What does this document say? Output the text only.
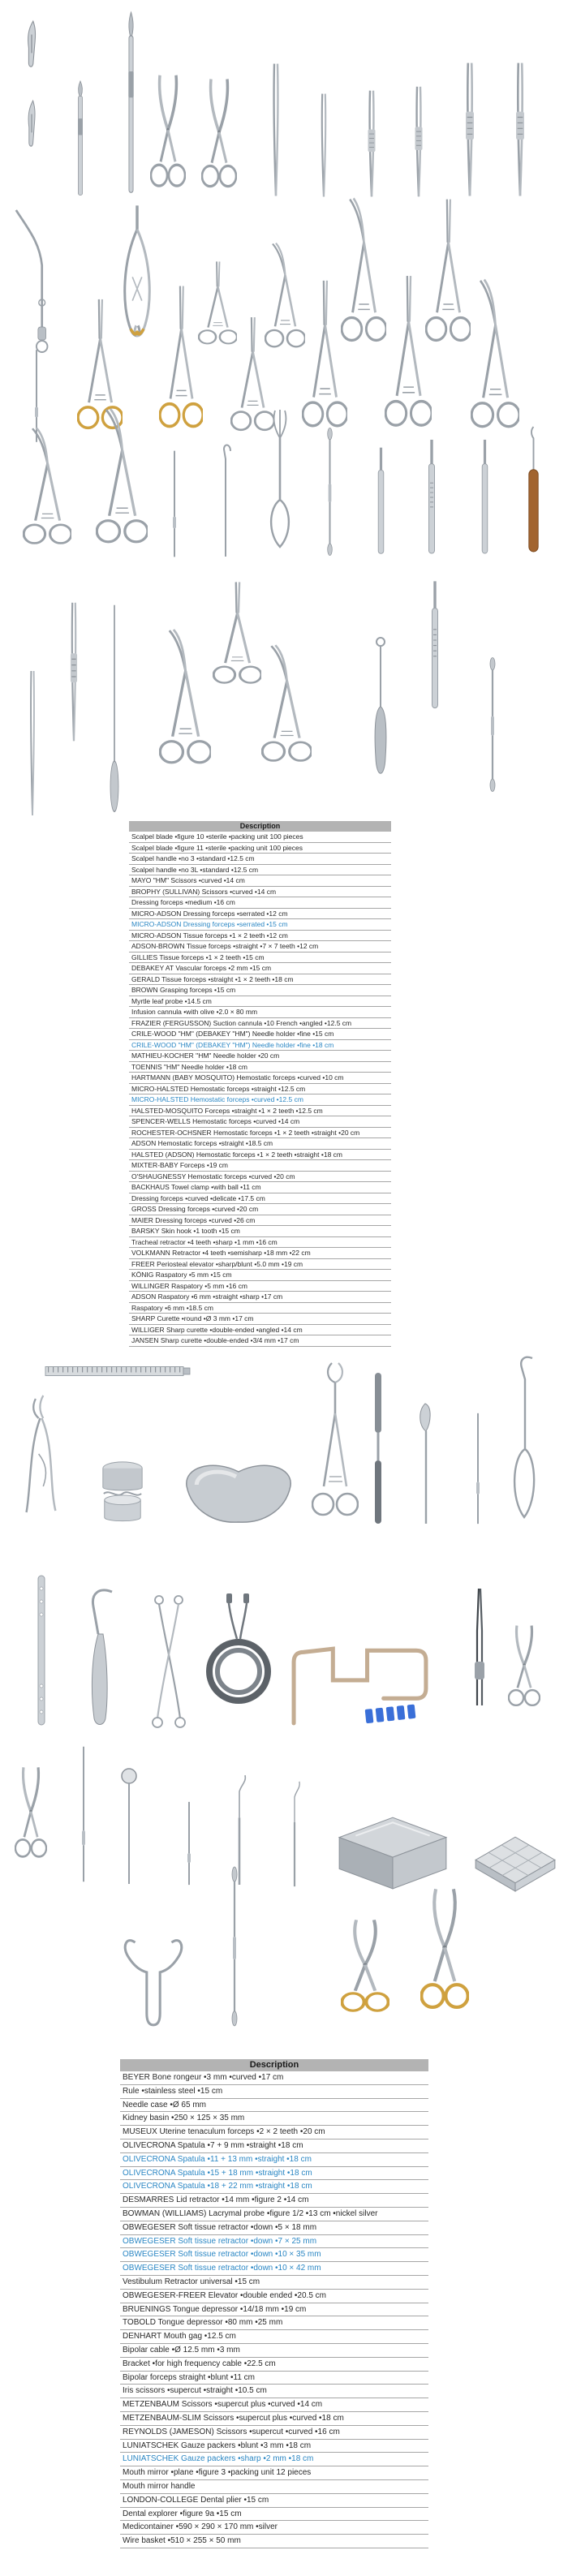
Description
Scalpel blade •figure 10 •sterile •packing unit 100 pieces
Scalpel blade •figure 11 •sterile •packing unit 100 pieces
Scalpel handle •no 3 •standard •12.5 cm
Scalpel handle •no 3L •standard •12.5 cm
MAYO "HM" Scissors •curved •14 cm
BROPHY (SULLIVAN) Scissors •curved •14 cm
Dressing forceps •medium •16 cm
MICRO-ADSON Dressing forceps •serrated •12 cm
MICRO-ADSON Dressing forceps •serrated •15 cm
MICRO-ADSON Tissue forceps •1 × 2 teeth •12 cm
ADSON-BROWN Tissue forceps •straight •7 × 7 teeth •12 cm
GILLIES Tissue forceps •1 × 2 teeth •15 cm
DEBAKEY AT Vascular forceps •2 mm •15 cm
GERALD Tissue forceps •straight •1 × 2 teeth •18 cm
BROWN Grasping forceps •15 cm
Myrtle leaf probe •14.5 cm
Infusion cannula •with olive •2.0 × 80 mm
FRAZIER (FERGUSSON) Suction cannula •10 French •angled •12.5 cm
CRILE-WOOD "HM" (DEBAKEY "HM") Needle holder •fine •15 cm
CRILE-WOOD "HM" (DEBAKEY "HM") Needle holder •fine •18 cm
MATHIEU-KOCHER "HM" Needle holder •20 cm
TOENNIS "HM" Needle holder •18 cm
HARTMANN (BABY MOSQUITO) Hemostatic forceps •curved •10 cm
MICRO-HALSTED Hemostatic forceps •straight •12.5 cm
MICRO-HALSTED Hemostatic forceps •curved •12.5 cm
HALSTED-MOSQUITO Forceps •straight •1 × 2 teeth •12.5 cm
SPENCER-WELLS Hemostatic forceps •curved •14 cm
ROCHESTER-OCHSNER Hemostatic forceps •1 × 2 teeth •straight •20 cm
ADSON Hemostatic forceps •straight •18.5 cm
HALSTED (ADSON) Hemostatic forceps •1 × 2 teeth •straight •18 cm
MIXTER-BABY Forceps •19 cm
O'SHAUGNESSY Hemostatic forceps •curved •20 cm
BACKHAUS Towel clamp •with ball •11 cm
Dressing forceps •curved •delicate •17.5 cm
GROSS Dressing forceps •curved •20 cm
MAIER Dressing forceps •curved •26 cm
BARSKY Skin hook •1 tooth •15 cm
Tracheal retractor •4 teeth •sharp •1 mm •16 cm
VOLKMANN Retractor •4 teeth •semisharp •18 mm •22 cm
FREER Periosteal elevator •sharp/blunt •5.0 mm •19 cm
KÖNIG Raspatory •5 mm •15 cm
WILLINGER Raspatory •5 mm •16 cm
ADSON Raspatory •6 mm •straight •sharp •17 cm
Raspatory •6 mm •18.5 cm
SHARP Curette •round •Ø 3 mm •17 cm
WILLIGER Sharp curette •double-ended •angled •14 cm
JANSEN Sharp curette •double-ended •3/4 mm •17 cm
Description
BEYER Bone rongeur •3 mm •curved •17 cm
Rule •stainless steel •15 cm
Needle case •Ø 65 mm
Kidney basin •250 × 125 × 35 mm
MUSEUX Uterine tenaculum forceps •2 × 2 teeth •20 cm
OLIVECRONA Spatula •7 + 9 mm •straight •18 cm
OLIVECRONA Spatula •11 + 13 mm •straight •18 cm
OLIVECRONA Spatula •15 + 18 mm •straight •18 cm
OLIVECRONA Spatula •18 + 22 mm •straight •18 cm
DESMARRES Lid retractor •14 mm •figure 2 •14 cm
BOWMAN (WILLIAMS) Lacrymal probe •figure 1/2 •13 cm •nickel silver
OBWEGESER Soft tissue retractor •down •5 × 18 mm
OBWEGESER Soft tissue retractor •down •7 × 25 mm
OBWEGESER Soft tissue retractor •down •10 × 35 mm
OBWEGESER Soft tissue retractor •down •10 × 42 mm
Vestibulum Retractor universal •15 cm
OBWEGESER-FREER Elevator •double ended •20.5 cm
BRUENINGS Tongue depressor •14/18 mm •19 cm
TOBOLD Tongue depressor •80 mm •25 mm
DENHART Mouth gag •12.5 cm
Bipolar cable •Ø 12.5 mm •3 mm
Bracket •for high frequency cable •22.5 cm
Bipolar forceps straight •blunt •11 cm
Iris scissors •supercut •straight •10.5 cm
METZENBAUM Scissors •supercut plus •curved •14 cm
METZENBAUM-SLIM Scissors •supercut plus •curved •18 cm
REYNOLDS (JAMESON) Scissors •supercut •curved •16 cm
LUNIATSCHEK Gauze packers •blunt •3 mm •18 cm
LUNIATSCHEK Gauze packers •sharp •2 mm •18 cm
Mouth mirror •plane •figure 3 •packing unit 12 pieces
Mouth mirror handle
LONDON-COLLEGE Dental plier •15 cm
Dental explorer •figure 9a •15 cm
Medicontainer •590 × 290 × 170 mm •silver
Wire basket •510 × 255 × 50 mm
